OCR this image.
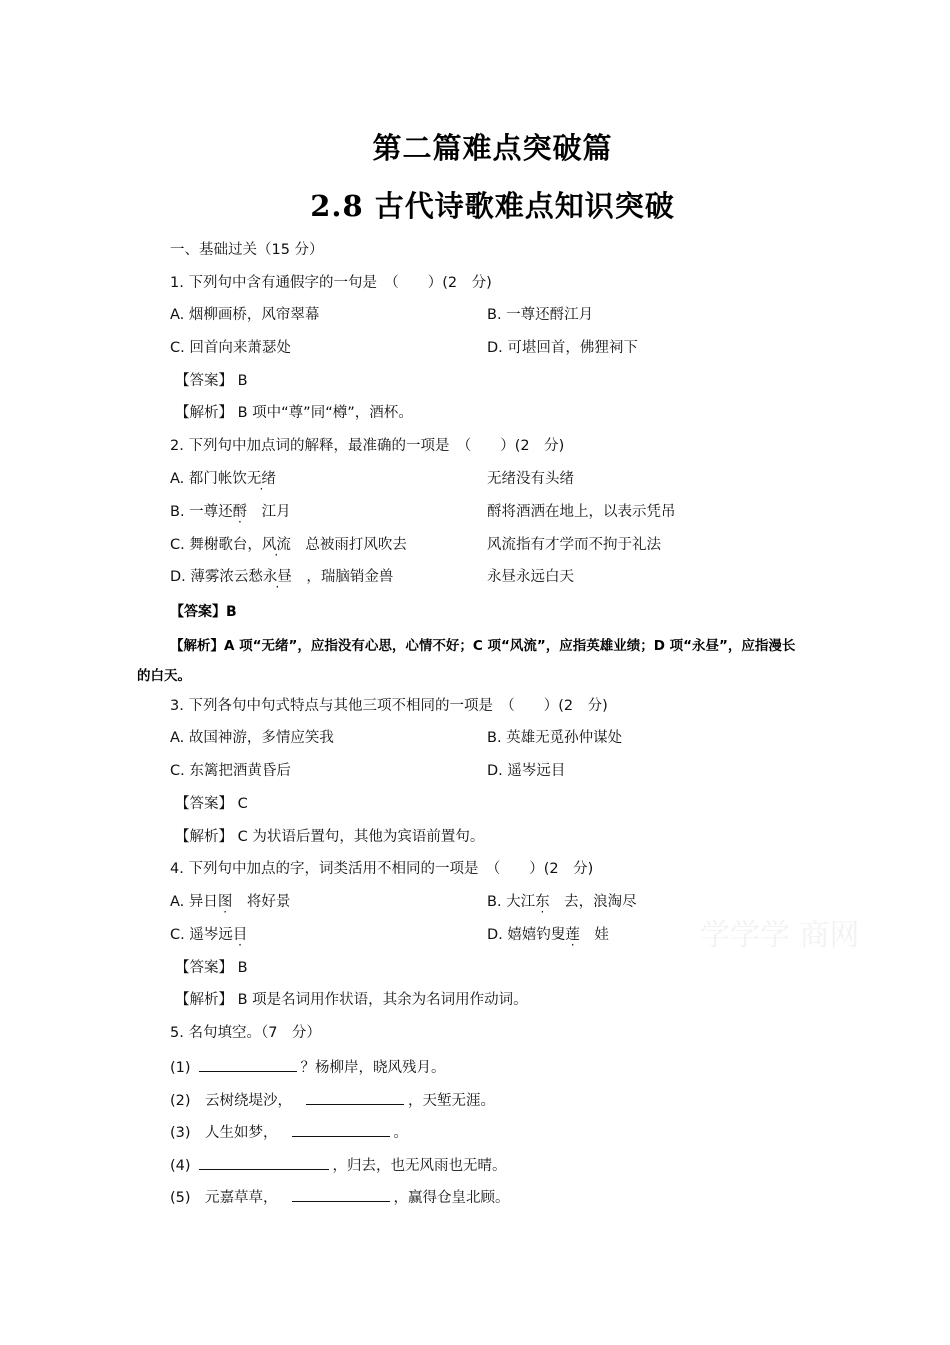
第二篇难点突破篇
2.8 古代诗歌难点知识突破
一、基础过关（15 分）
1. 下列句中含有通假字的一句是　（　　）(2　分)
A. 烟柳画桥，风帘翠幕	B. 一尊还酹江月
C. 回首向来萧瑟处	D. 可堪回首，佛狸祠下
【答案】 B
【解析】 B 项中“尊”同“樽”，酒杯。
2. 下列句中加点词的解释，最准确的一项是　（　　）(2　分)
A. 都门帐饮无绪	无绪没有头绪
B. 一尊还酹　江月	酹将酒洒在地上，以表示凭吊
C. 舞榭歌台，风流　总被雨打风吹去	风流指有才学而不拘于礼法
D. 薄雾浓云愁永昼　，瑞脑销金兽	永昼永远白天
【答案】B
【解析】A 项“无绪”，应指没有心思，心情不好；C 项“风流”，应指英雄业绩；D 项“永昼”，应指漫长
的白天。
3. 下列各句中句式特点与其他三项不相同的一项是　（　　）(2　分)
A. 故国神游，多情应笑我	B. 英雄无觅孙仲谋处
C. 东篱把酒黄昏后	D. 遥岑远目
【答案】 C
【解析】 C 为状语后置句，其他为宾语前置句。
4. 下列句中加点的字，词类活用不相同的一项是　（　　）(2　分)
A. 异日图　将好景	B. 大江东　去，浪淘尽
C. 遥岑远目	D. 嬉嬉钓叟莲　娃	学学学 商网
【答案】 B
【解析】 B 项是名词用作状语，其余为名词用作动词。
5. 名句填空。（7　分）
(1)	？杨柳岸，晓风残月。
(2)　云树绕堤沙，	，天堑无涯。
(3)　人生如梦，	。
(4)	，归去，也无风雨也无晴。
(5)　元嘉草草，	，赢得仓皇北顾。
